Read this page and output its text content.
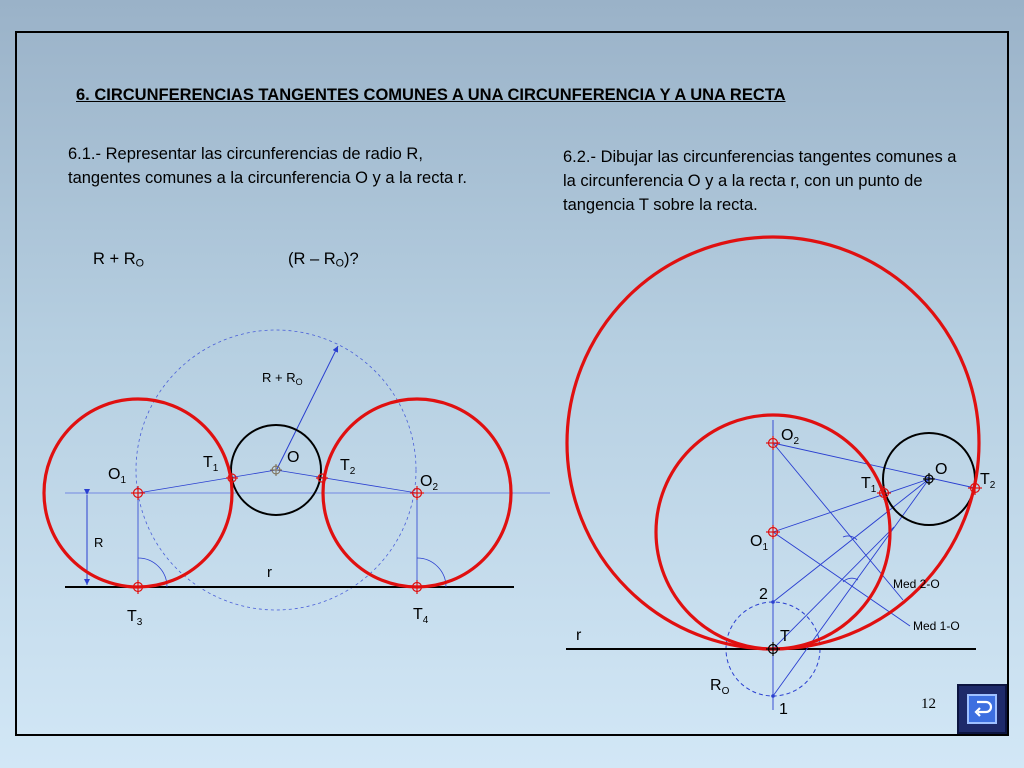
6. CIRCUNFERENCIAS TANGENTES COMUNES A UNA CIRCUNFERENCIA Y A UNA RECTA
6.1.- Representar las circunferencias de radio R, tangentes comunes a la circunferencia O y a la recta r.
6.2.- Dibujar las circunferencias tangentes comunes a la circunferencia O y a la recta r, con un punto de tangencia T sobre la recta.
$R + R_O$	$(R - R_O)$?
O
$O_1$	$O_2$
$T_1$	$T_2$
$T_3$	$T_4$
R
r
$R + R_O$
O
$O_2$
$O_1$
$T_1$
$T_2$
T
r
$R_O$
Med 2-O
Med 1-O
2
1	12
